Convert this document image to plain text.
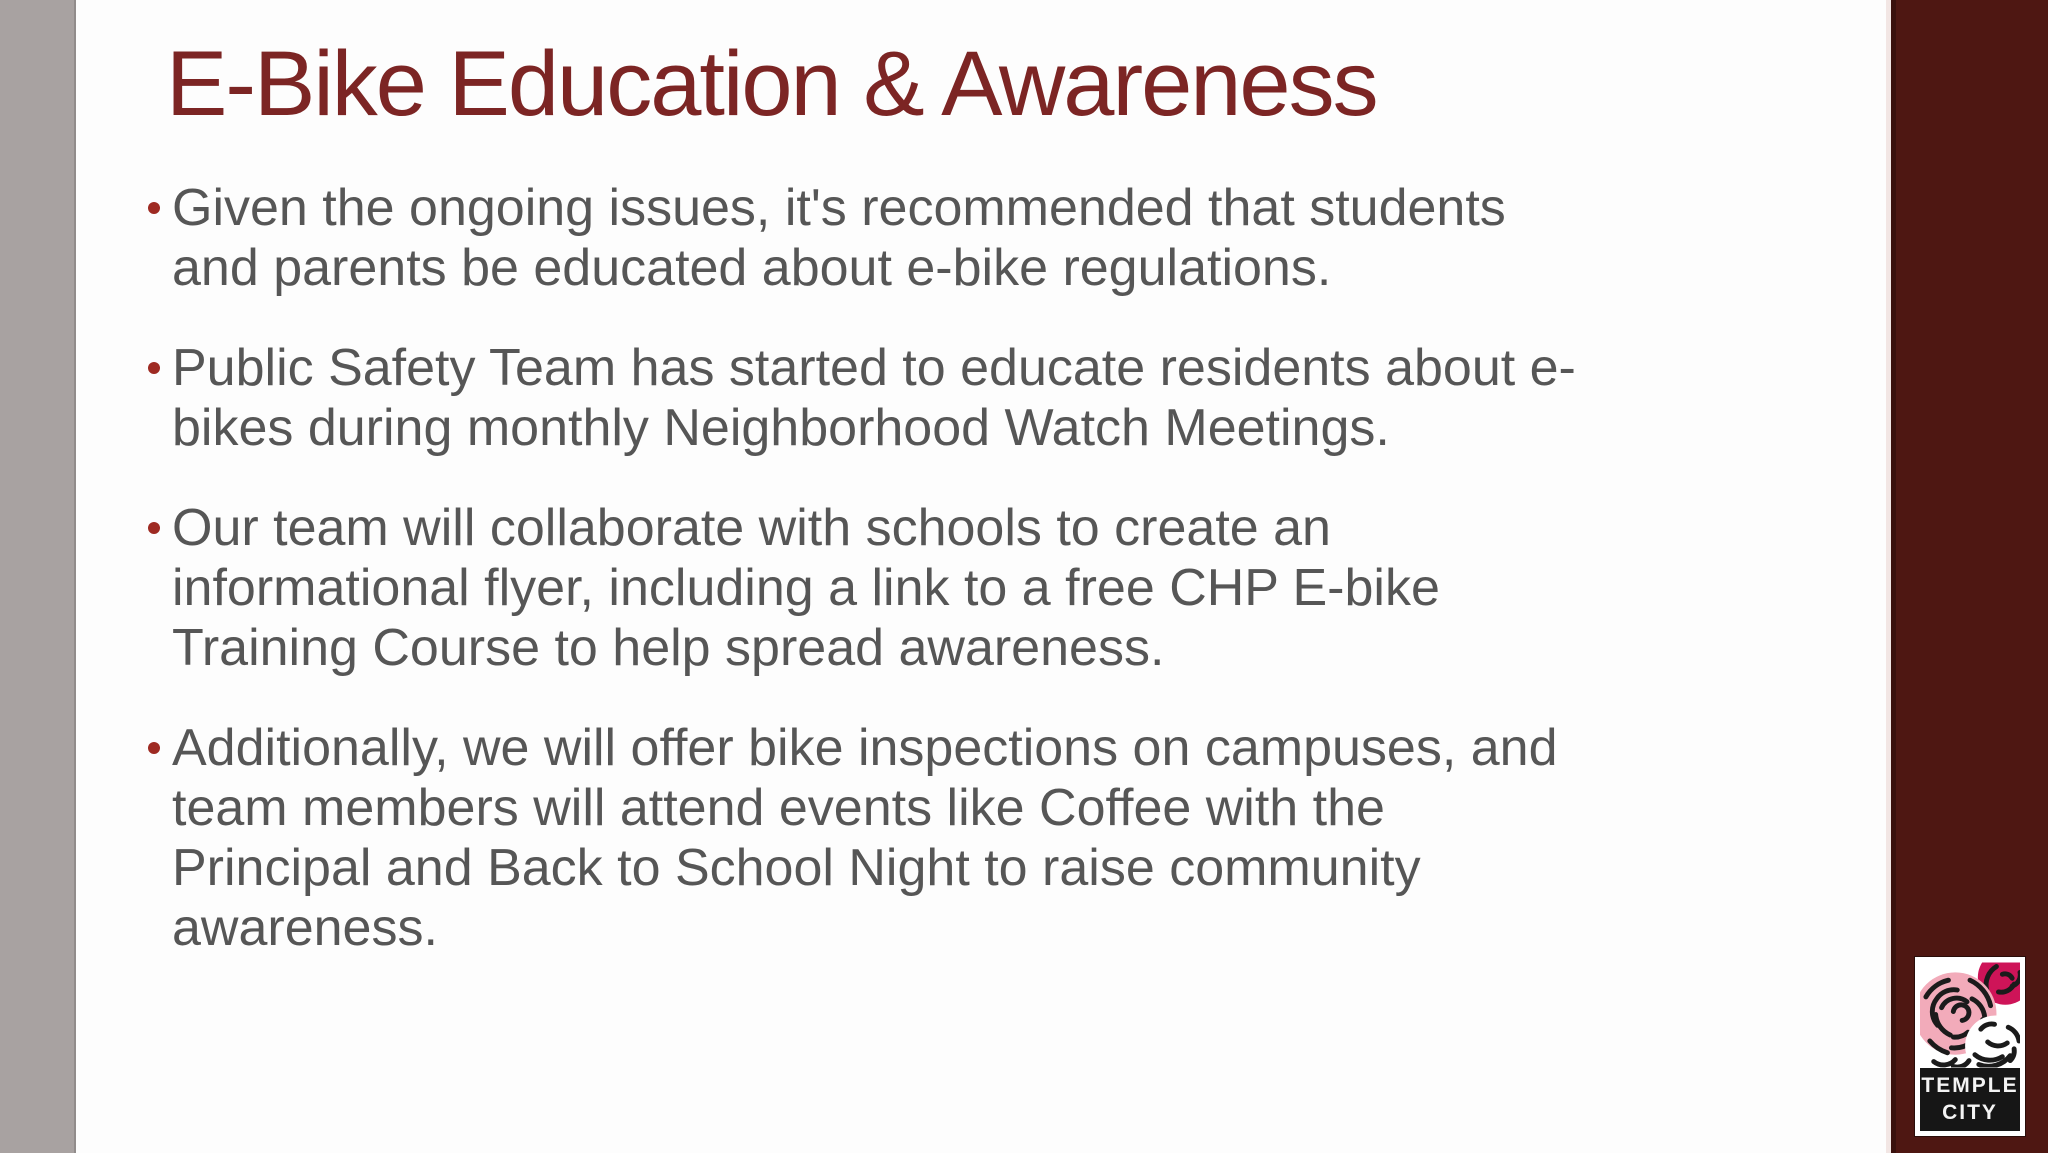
E-Bike Education & Awareness
Given the ongoing issues, it's recommended that students
and parents be educated about e-bike regulations.
Public Safety Team has started to educate residents about e-
bikes during monthly Neighborhood Watch Meetings.
Our team will collaborate with schools to create an
informational flyer, including a link to a free CHP E-bike
Training Course to help spread awareness.
Additionally, we will offer bike inspections on campuses, and
team members will attend events like Coffee with the
Principal and Back to School Night to raise community
awareness.
TEMPLE
CITY
